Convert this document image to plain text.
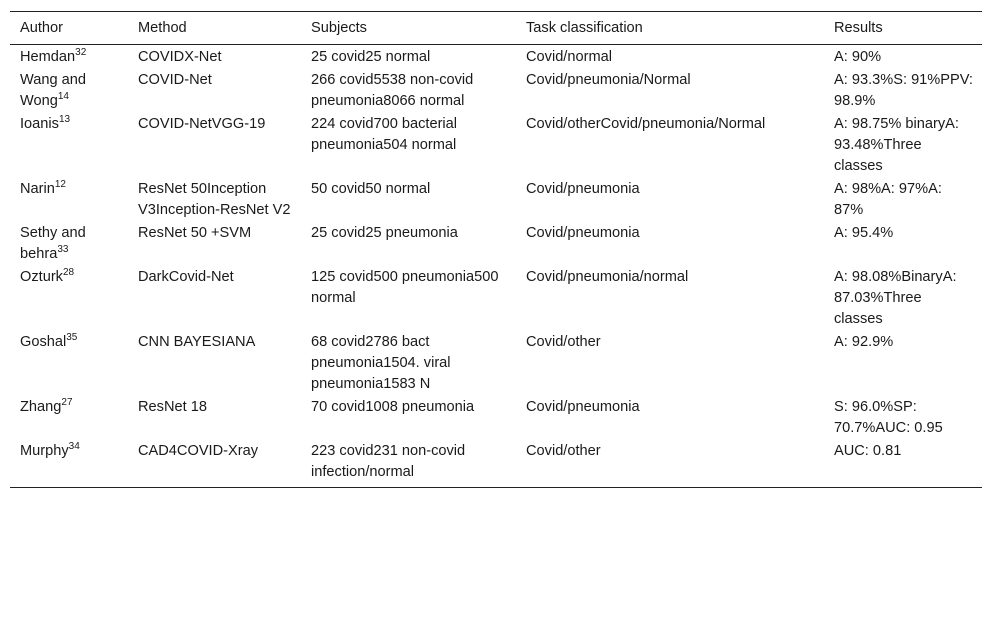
Author	Method	Subjects	Task classification	Results
Hemdan$^{32}$	COVIDX-Net	25 covid25 normal	Covid/normal	A: 90%
Wang and Wong$^{14}$	COVID-Net	266 covid5538 non-covid pneumonia8066 normal	Covid/pneumonia/Normal	A: 93.3%S: 91%PPV: 98.9%
Ioanis$^{13}$	COVID-NetVGG-19	224 covid700 bacterial pneumonia504 normal	Covid/otherCovid/pneumonia/Normal	A: 98.75% binaryA: 93.48%Three classes
Narin$^{12}$	ResNet 50Inception V3Inception-ResNet V2	50 covid50 normal	Covid/pneumonia	A: 98%A: 97%A: 87%
Sethy and behra$^{33}$	ResNet 50 +SVM	25 covid25 pneumonia	Covid/pneumonia	A: 95.4%
Ozturk$^{28}$	DarkCovid-Net	125 covid500 pneumonia500 normal	Covid/pneumonia/normal	A: 98.08%BinaryA: 87.03%Three classes
Goshal$^{35}$	CNN BAYESIANA	68 covid2786 bact pneumonia1504. viral pneumonia1583 N	Covid/other	A: 92.9%
Zhang$^{27}$	ResNet 18	70 covid1008 pneumonia	Covid/pneumonia	S: 96.0%SP: 70.7%AUC: 0.95
Murphy$^{34}$	CAD4COVID-Xray	223 covid231 non-covid infection/normal	Covid/other	AUC: 0.81
